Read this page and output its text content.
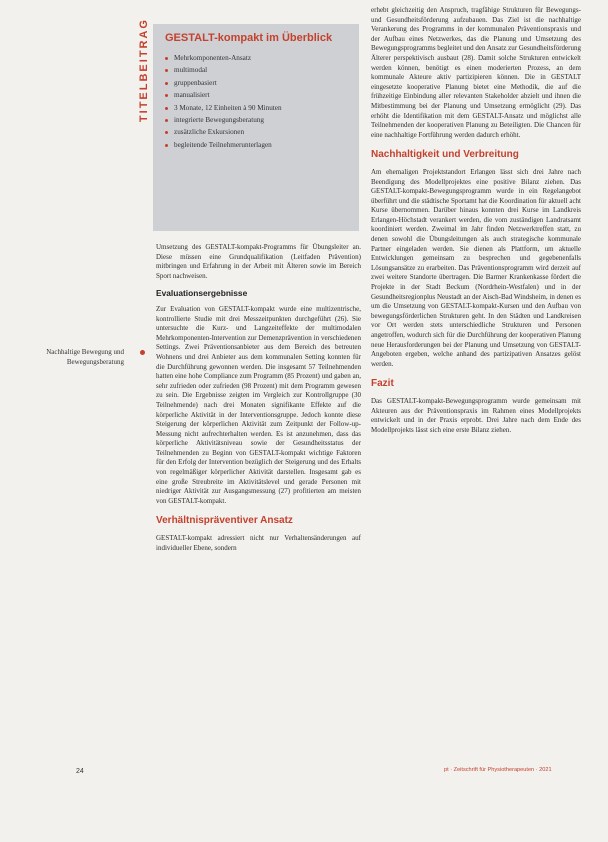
TITELBEITRAG GESTALT-kompakt im Überblick
Mehrkomponenten-Ansatz
multimodal
gruppenbasiert
manualisiert
3 Monate, 12 Einheiten à 90 Minuten
integrierte Bewegungsberatung
zusätzliche Exkursionen
begleitende Teilnehmerunterlagen

Umsetzung des GESTALT-kompakt-Programms für Übungsleiter an. Diese müssen eine Grundqualifikation (Leitfaden Prävention) mitbringen und Erfahrung in der Arbeit mit Älteren sowie im Bereich Sport nachweisen.

Evaluationsergebnisse

Zur Evaluation von GESTALT-kompakt wurde eine multizentrische, kontrollierte Studie mit drei Messzeitpunkten durchgeführt (26). Sie untersuchte die Kurz- und Langzeiteffekte der multimodalen Mehrkomponenten-Intervention zur Demenzprävention in verschiedenen Settings. Zwei Präventionsanbieter aus dem Bereich des betreuten Wohnens und drei Anbieter aus dem kommunalen Setting konnten für die Durchführung gewonnen werden. Die insgesamt 57 Teilnehmenden hatten eine hohe Compliance zum Programm (85 Prozent) und gaben an, sehr zufrieden oder zufrieden (98 Prozent) mit dem Programm gewesen zu sein. Die Ergebnisse zeigten im Vergleich zur Kontrollgruppe (30 Teilnehmende) nach drei Monaten signifikante Effekte auf die körperliche Aktivität in der Interventionsgruppe. Jedoch konnte diese Steigerung der körperlichen Aktivität zum Zeitpunkt der Follow-up-Messung nicht aufrechterhalten werden. Es ist anzunehmen, dass das körperliche Aktivitätsniveau sowie der Gesundheitsstatus der Teilnehmenden zu Beginn von GESTALT-kompakt wichtige Faktoren für den Erfolg der Intervention bezüglich der Steigerung und des Erhalts von regelmäßiger körperlicher Aktivität darstellen. Insgesamt gab es eine große Streubreite im Aktivitätslevel und gerade Personen mit niedriger Aktivität zur Ausgangsmessung (27) profitierten am meisten von GESTALT-kompakt.

Verhältnispräventiver Ansatz

GESTALT-kompakt adressiert nicht nur Verhaltensänderungen auf individueller Ebene, sondern

Nachhaltige Bewegung und Bewegungsberatung

erhebt gleichzeitig den Anspruch, tragfähige Strukturen für Bewegungs- und Gesundheitsförderung aufzubauen. Das Ziel ist die nachhaltige Verankerung des Programms in der kommunalen Präventionspraxis und der Aufbau eines Netzwerkes, das die Planung und Umsetzung des Bewegungsprogramms begleitet und den Ansatz zur Gesundheitsförderung Älterer perspektivisch ausbaut (28). Damit solche Strukturen entwickelt werden können, benötigt es einen moderierten Prozess, an dem kommunale Akteure aktiv partizipieren können. Die in GESTALT eingesetzte kooperative Planung bietet eine Methodik, die auf die frühzeitige Einbindung aller relevanten Stakeholder abzielt und ihnen die Mitbestimmung bei der Planung und Umsetzung ermöglicht (29). Das erhöht die Identifikation mit dem GESTALT-Ansatz und möglichst alle Teilnehmenden der kooperativen Planung zu Beteiligten. Die Chancen für eine nachhaltige Fortführung werden dadurch erhöht.

Nachhaltigkeit und Verbreitung

Am ehemaligen Projektstandort Erlangen lässt sich drei Jahre nach Beendigung des Modellprojektes eine positive Bilanz ziehen. Das GESTALT-kompakt-Bewegungsprogramm wurde in ein Regelangebot überführt und die städtische Sportamt hat die Koordination für aktuell acht Kurse übernommen. Darüber hinaus konnten drei Kurse im Landkreis Erlangen-Höchstadt verankert werden, die vom zuständigen Landratsamt koordiniert werden. Zweimal im Jahr finden Netzwerktreffen statt, zu denen sowohl die Übungsleitungen als auch strategische kommunale Partner eingeladen werden. Sie dienen als Plattform, um aktuelle Entwicklungen gemeinsam zu besprechen und gegebenenfalls Lösungsansätze zu erarbeiten. Das Präventionsprogramm wird derzeit auf zwei weitere Standorte übertragen. Die Barmer Krankenkasse fördert die Projekte in der Stadt Beckum (Nordrhein-Westfalen) und in der Gesundheitsregionplus Neustadt an der Aisch-Bad Windsheim, in denen es um die Umsetzung von GESTALT-kompakt-Kursen und den Aufbau von bewegungsförderlichen Strukturen geht. In den Städten und Landkreisen vor Ort werden stets unterschiedliche Strukturen und Personen angetroffen, wodurch sich für die Durchführung der kooperativen Planung neue Herausforderungen bei der Planung und Umsetzung von GESTALT-Angeboten ergeben, welche anhand des partizipativen Ansatzes gelöst werden.

Fazit

Das GESTALT-kompakt-Bewegungsprogramm wurde gemeinsam mit Akteuren aus der Präventionspraxis im Rahmen eines Modellprojekts entwickelt und in der Praxis erprobt. Drei Jahre nach dem Ende des Modellprojekts lässt sich eine erste Bilanz ziehen.

24	pt · Zeitschrift für Physiotherapeuten · 2021
